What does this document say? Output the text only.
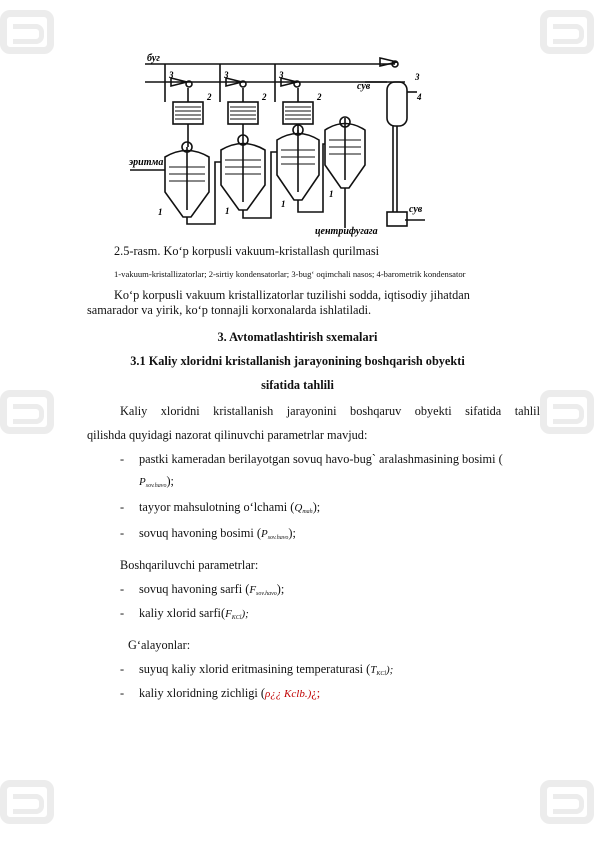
буг
сув
сув
эритма
центрифугага
3	3	3	3
2	2	2	4
1	1
1
1
2.5-rasm. Ko‘p korpusli vakuum-kristallash qurilmasi
1-vakuum-kristallizatorlar; 2-sirtiy kondensatorlar; 3-bug‘ oqimchali nasos; 4-barometrik kondensator
Ko‘p korpusli vakuum kristallizatorlar tuzilishi sodda, iqtisodiy jihatdan
samarador va yirik, ko‘p tonnajli korxonalarda ishlatiladi.
3. Avtomatlashtirish sxemalari
3.1 Kaliy xloridni kristallanish jarayonining boshqarish obyekti
sifatida tahlili
Kaliy xloridni kristallanish jarayonini boshqaruv obyekti sifatida tahlil
qilishda quyidagi nazorat qilinuvchi parametrlar mavjud:
- pastki kameradan berilayotgan sovuq havo-bug` aralashmasining bosimi (
$P_{sov.havo}$);
- tayyor mahsulotning o‘lchami $(Q_{mah})$;
- sovuq havoning bosimi $(P_{sov.havo})$;
Boshqariluvchi parametrlar:
- sovuq havoning sarfi $(F_{sov.havo})$;
- kaliy xlorid $sarfi(F_{KCl})$;
G‘alayonlar:
- suyuq kaliy xlorid eritmasining temperaturasi $(T_{KCl})$;
- kaliy xloridning zichligi (ρ¿¿ Kclb.)¿;
